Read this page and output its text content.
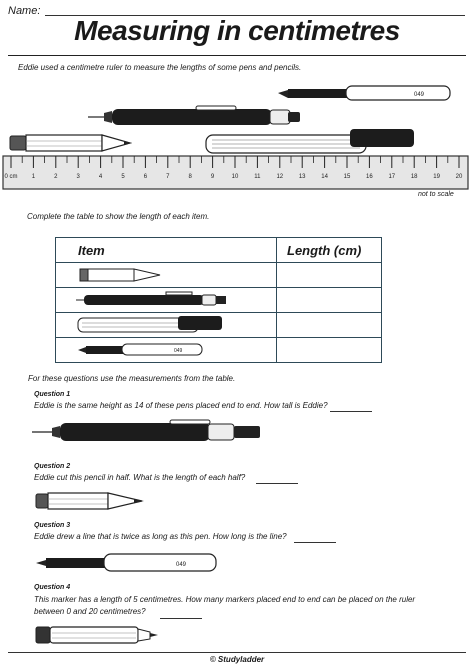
Name:
Measuring in centimetres
Eddie used a centimetre ruler to measure the lengths of some pens and pencils.
049
0 cm 1	2	3	4	5	6	7	8	9	10	11	12	13	14	15	16	17	18	19	20
not to scale
Complete the table to show the length of each item.
Item	Length (cm)

049	

For these questions use the measurements from the table.
Question 1
Eddie is the same height as 14 of these pens placed end to end. How tall is Eddie?
Question 2
Eddie cut this pencil in half. What is the length of each half?
Question 3
Eddie drew a line that is twice as long as this pen. How long is the line?
049
Question 4
This marker has a length of 5 centimetres. How many markers placed end to end can be placed on the ruler
between 0 and 20 centimetres?
© Studyladder
